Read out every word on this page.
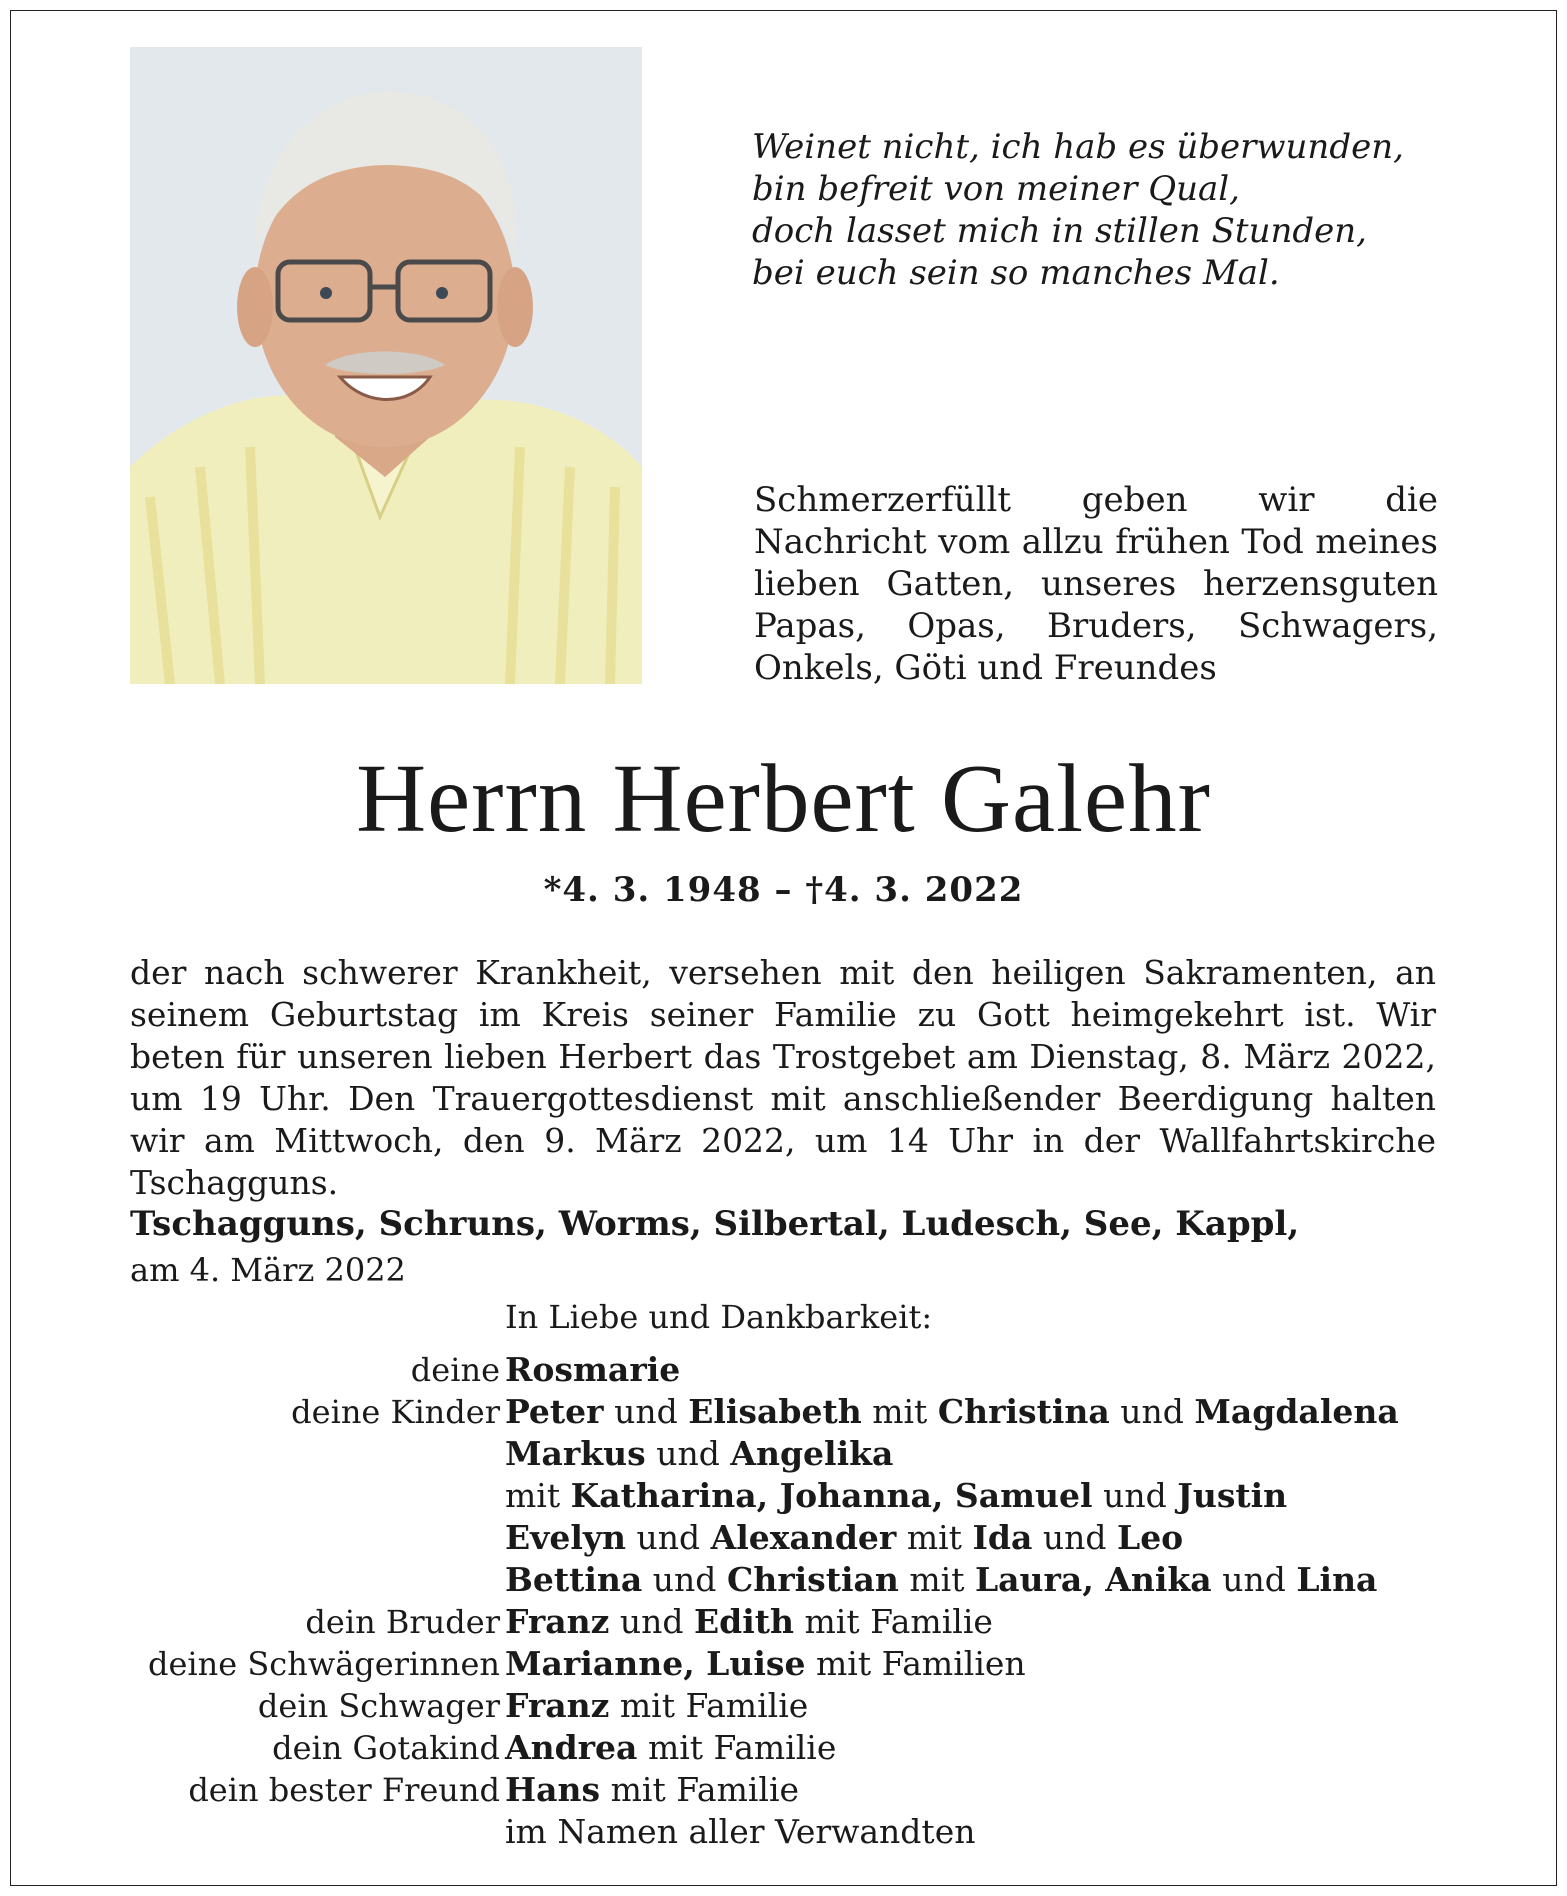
Weinet nicht, ich hab es überwunden,
bin befreit von meiner Qual,
doch lasset mich in stillen Stunden,
bei euch sein so manches Mal.
Schmerzerfüllt geben wir die Nachricht vom allzu frühen Tod meines lieben Gatten, unseres herzensguten Papas, Opas, Bruders, Schwagers, Onkels, Göti und Freundes
Herrn Herbert Galehr
*4. 3. 1948 – †4. 3. 2022
der nach schwerer Krankheit, versehen mit den heiligen Sakramenten, an seinem Geburtstag im Kreis seiner Familie zu Gott heimgekehrt ist. Wir beten für unseren lieben Herbert das Trostgebet am Dienstag, 8. März 2022, um 19 Uhr. Den Trauergottesdienst mit anschließender Beerdigung halten wir am Mittwoch, den 9. März 2022, um 14 Uhr in der Wallfahrtskirche Tschagguns.
Tschagguns, Schruns, Worms, Silbertal, Ludesch, See, Kappl,
am 4. März 2022
In Liebe und Dankbarkeit:
deine Rosmarie
deine Kinder Peter und Elisabeth mit Christina und Magdalena
Markus und Angelika
mit Katharina, Johanna, Samuel und Justin
Evelyn und Alexander mit Ida und Leo
Bettina und Christian mit Laura, Anika und Lina
dein Bruder Franz und Edith mit Familie
deine Schwägerinnen Marianne, Luise mit Familien
dein Schwager Franz mit Familie
dein Gotakind Andrea mit Familie
dein bester Freund Hans mit Familie
im Namen aller Verwandten
